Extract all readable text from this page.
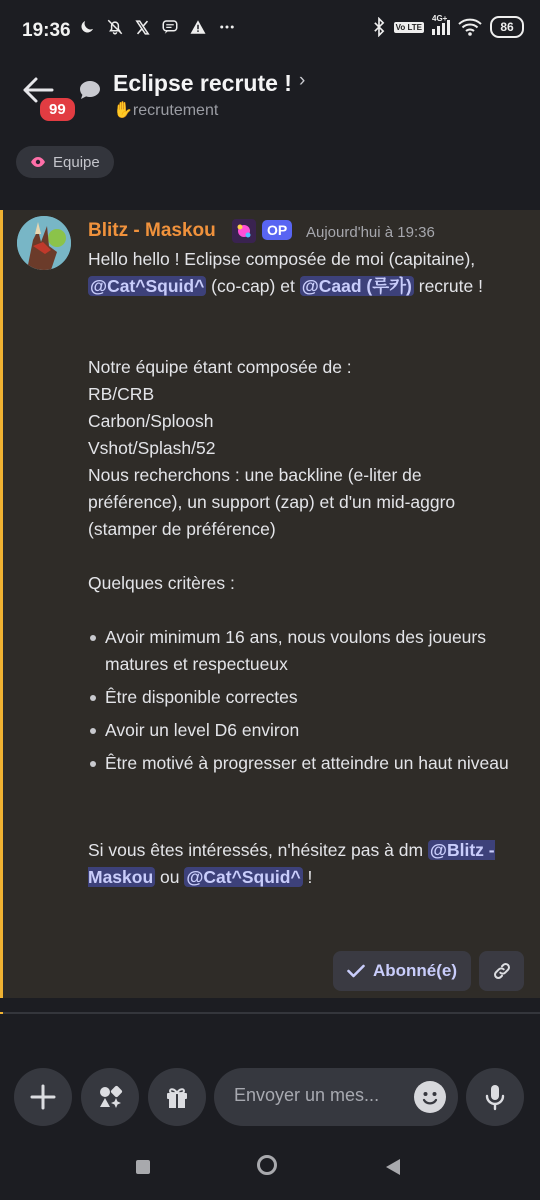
19:36	Vo LTE
4G+
86
99
Eclipse recrute ! ›
✋recrutement
Equipe
Blitz - Maskou	OP	Aujourd'hui à 19:36

Hello hello ! Eclipse composée de moi (capitaine), @Cat^Squid^ (co-cap) et @Caad (루카) recrute !

Notre équipe étant composée de :

RB/CRB

Carbon/Sploosh

Vshot/Splash/52

Nous recherchons : une backline (e-liter de préférence), un support (zap) et d'un mid-aggro (stamper de préférence)

Quelques critères :

Avoir minimum 16 ans, nous voulons des joueurs matures et respectueux
Être disponible correctes
Avoir un level D6 environ
Être motivé à progresser et atteindre un haut niveau

Si vous êtes intéressés, n'hésitez pas à dm @Blitz - Maskou ou @Cat^Squid^ !

Abonné(e)
Envoyer un mes...
